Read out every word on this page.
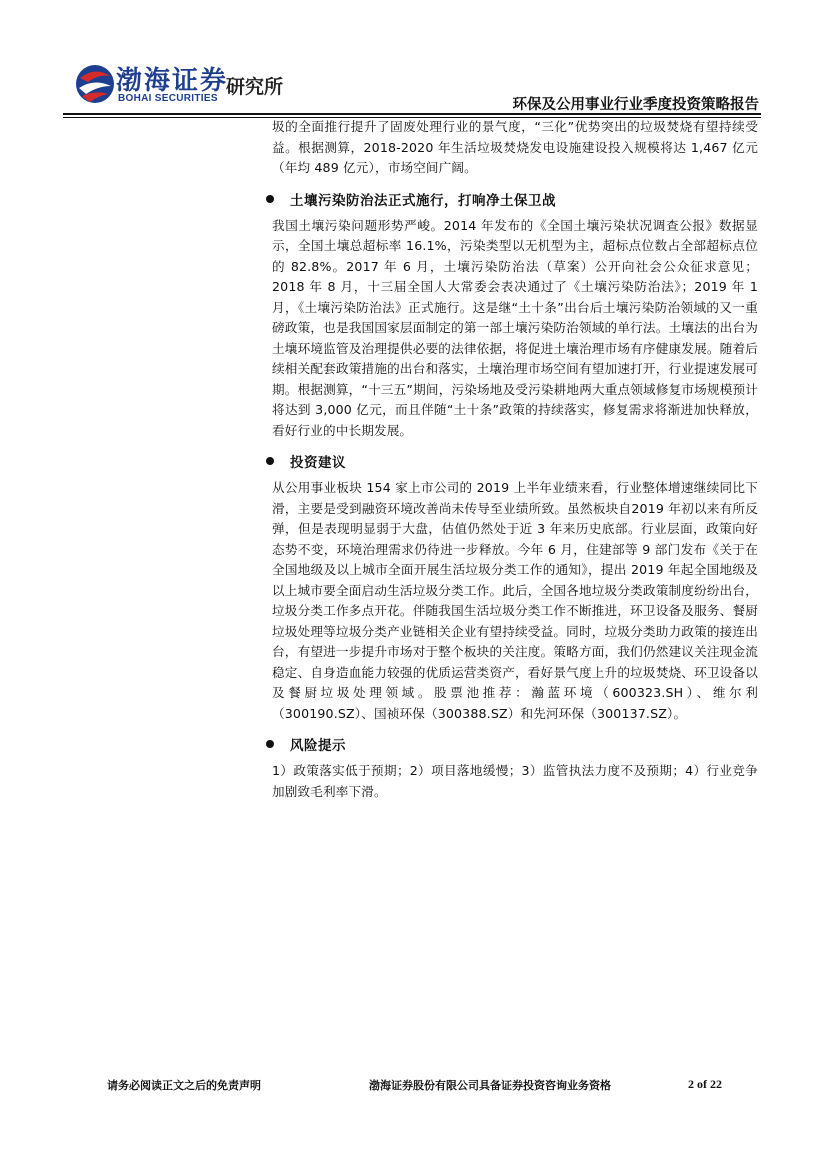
渤海证券
BOHAI SECURITIES
研究所
环保及公用事业行业季度投资策略报告

圾的全面推行提升了固废处理行业的景气度，“三化”优势突出的垃圾焚烧有望持续受益。根据测算，2018-2020 年生活垃圾焚烧发电设施建设投入规模将达 1,467 亿元（年均 489 亿元），市场空间广阔。

土壤污染防治法正式施行，打响净土保卫战

我国土壤污染问题形势严峻。2014 年发布的《全国土壤污染状况调查公报》数据显示，全国土壤总超标率 16.1%，污染类型以无机型为主，超标点位数占全部超标点位的 82.8%。2017 年 6 月，土壤污染防治法（草案）公开向社会公众征求意见；2018 年 8 月，十三届全国人大常委会表决通过了《土壤污染防治法》；2019 年 1 月，《土壤污染防治法》正式施行。这是继“土十条”出台后土壤污染防治领域的又一重磅政策，也是我国国家层面制定的第一部土壤污染防治领域的单行法。土壤法的出台为土壤环境监管及治理提供必要的法律依据，将促进土壤治理市场有序健康发展。随着后续相关配套政策措施的出台和落实，土壤治理市场空间有望加速打开，行业提速发展可期。根据测算，“十三五”期间，污染场地及受污染耕地两大重点领域修复市场规模预计将达到 3,000 亿元，而且伴随“土十条”政策的持续落实，修复需求将渐进加快释放，看好行业的中长期发展。

投资建议

从公用事业板块 154 家上市公司的 2019 上半年业绩来看，行业整体增速继续同比下滑，主要是受到融资环境改善尚未传导至业绩所致。虽然板块自2019 年初以来有所反弹，但是表现明显弱于大盘，估值仍然处于近 3 年来历史底部。行业层面，政策向好态势不变，环境治理需求仍待进一步释放。今年 6 月，住建部等 9 部门发布《关于在全国地级及以上城市全面开展生活垃圾分类工作的通知》，提出 2019 年起全国地级及以上城市要全面启动生活垃圾分类工作。此后，全国各地垃圾分类政策制度纷纷出台，垃圾分类工作多点开花。伴随我国生活垃圾分类工作不断推进，环卫设备及服务、餐厨垃圾处理等垃圾分类产业链相关企业有望持续受益。同时，垃圾分类助力政策的接连出台，有望进一步提升市场对于整个板块的关注度。策略方面，我们仍然建议关注现金流稳定、自身造血能力较强的优质运营类资产，看好景气度上升的垃圾焚烧、环卫设备以及餐厨垃圾处理领域。股票池推荐：瀚蓝环境（600323.SH）、维尔利（300190.SZ）、国祯环保（300388.SZ）和先河环保（300137.SZ）。

风险提示

1）政策落实低于预期；2）项目落地缓慢；3）监管执法力度不及预期；4）行业竞争加剧致毛利率下滑。

请务必阅读正文之后的免责声明	渤海证券股份有限公司具备证券投资咨询业务资格	2 of 22
